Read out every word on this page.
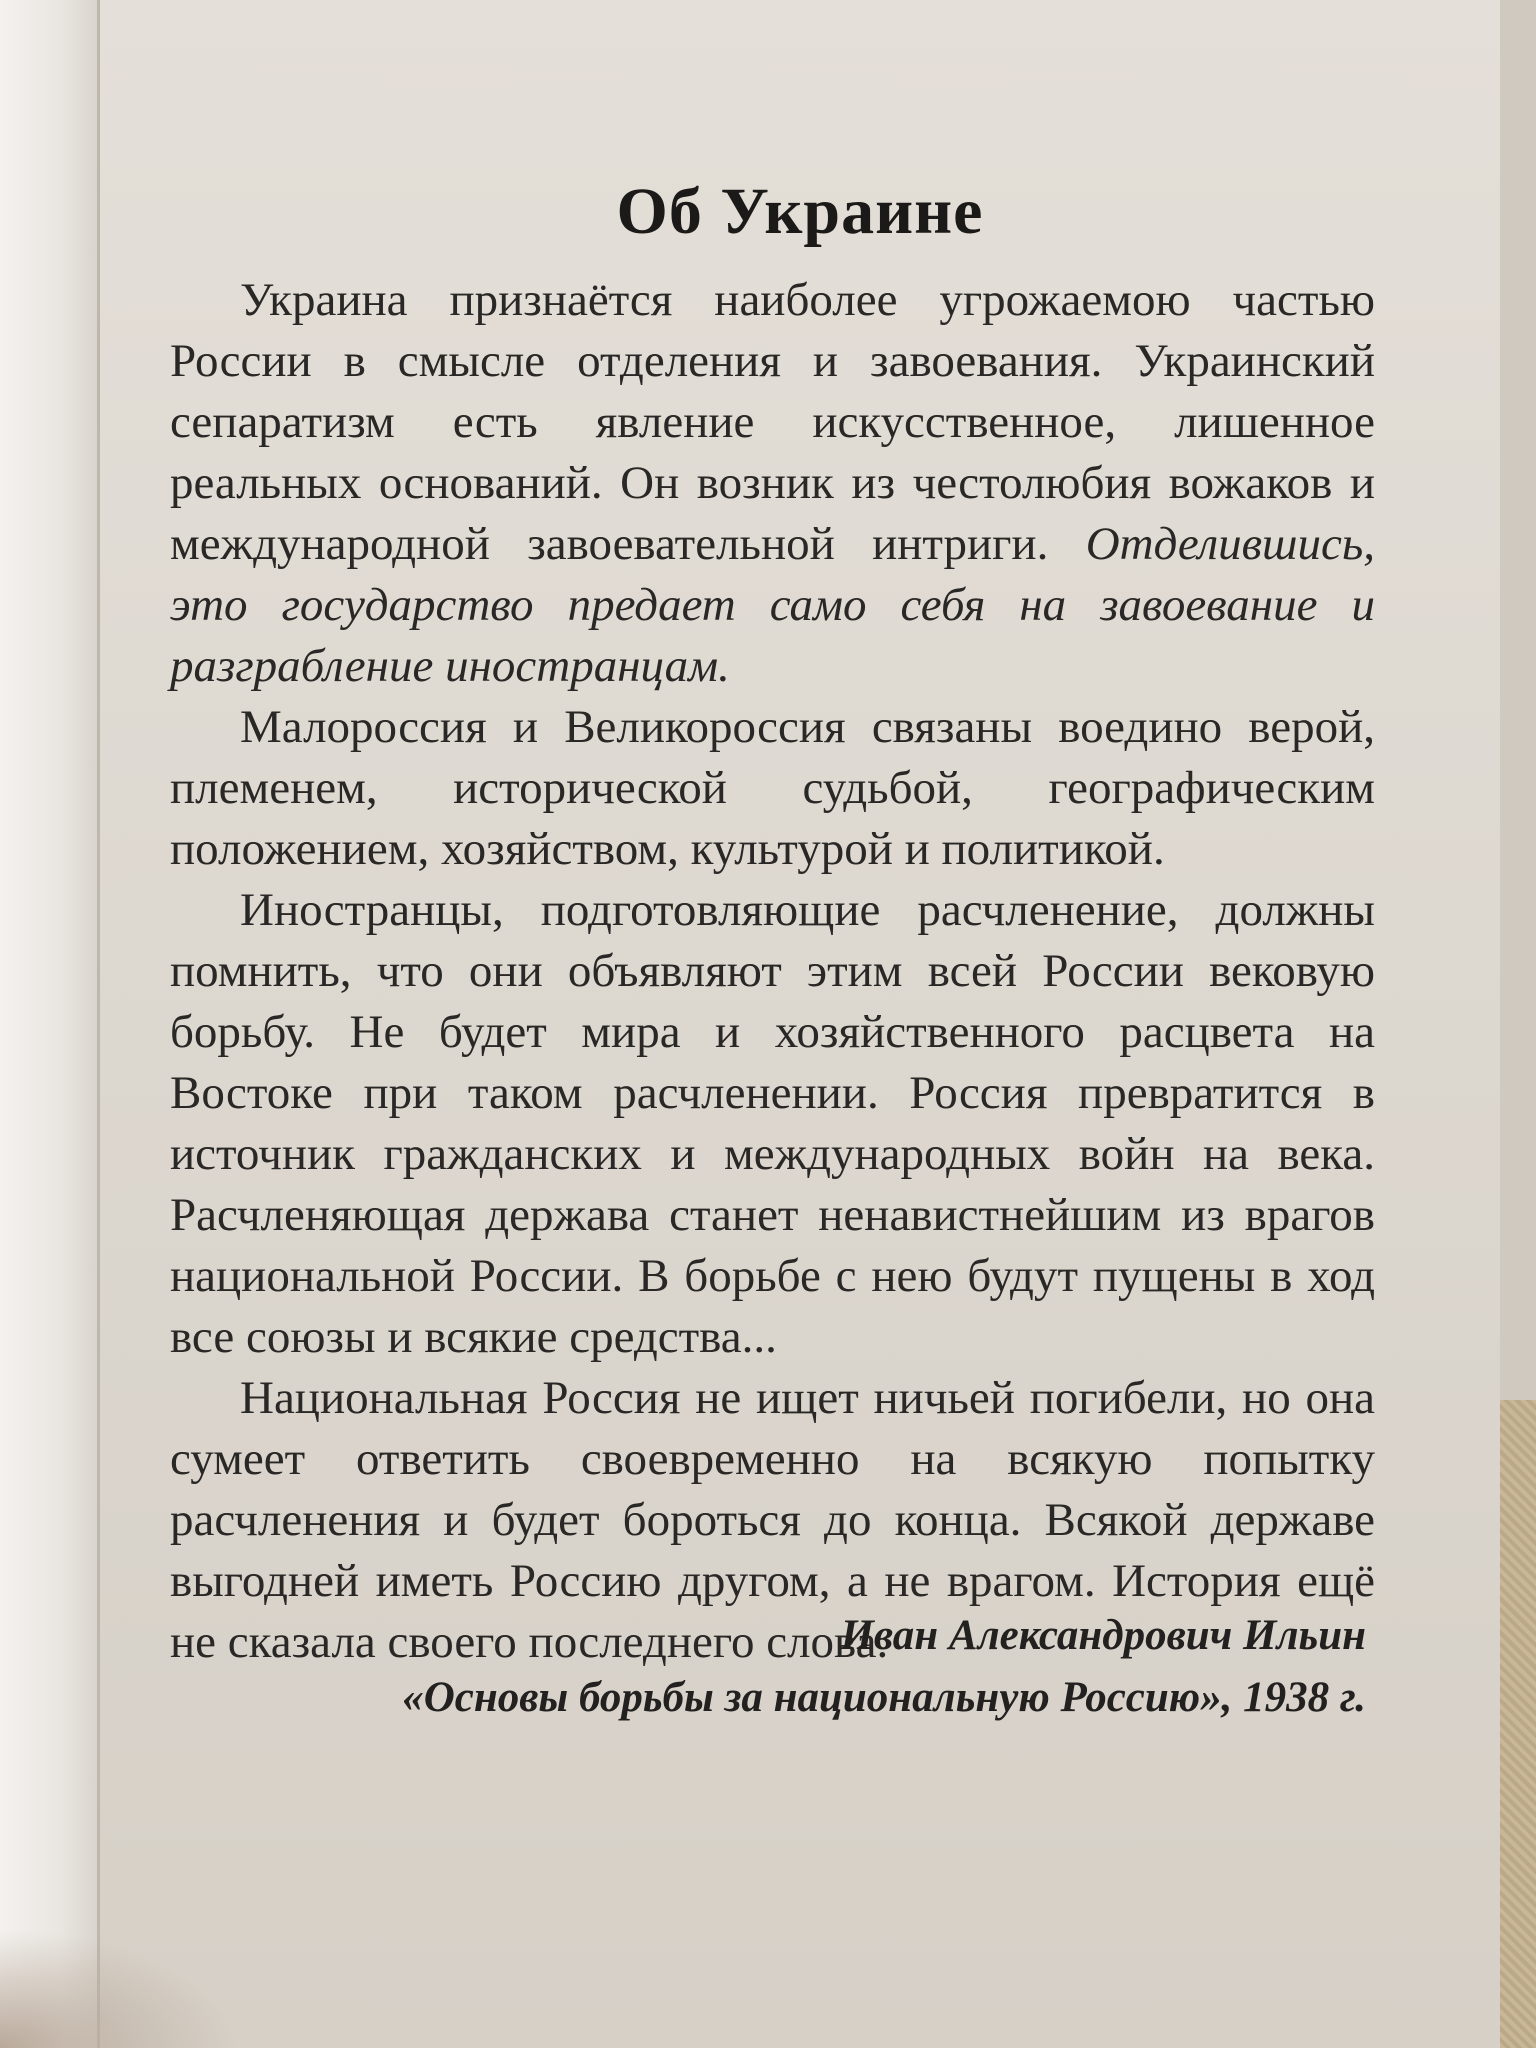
Об Украине

Украина признаётся наиболее угрожаемою частью России в смысле отделения и завоевания. Украинский сепаратизм есть явление искусственное, лишенное реальных оснований. Он возник из честолюбия вожаков и международной завоевательной интриги. Отделившись, это государство предает само себя на завоевание и разграбление иностранцам.

Малороссия и Великороссия связаны воедино верой, племенем, исторической судьбой, географическим положением, хозяйством, культурой и политикой.

Иностранцы, подготовляющие расчленение, должны помнить, что они объявляют этим всей России вековую борьбу. Не будет мира и хозяйственного расцвета на Востоке при таком расчленении. Россия превратится в источник гражданских и международных войн на века. Расчленяющая держава станет ненавистнейшим из врагов национальной России. В борьбе с нею будут пущены в ход все союзы и всякие средства...

Национальная Россия не ищет ничьей погибели, но она сумеет ответить своевременно на всякую попытку расчленения и будет бороться до конца. Всякой державе выгодней иметь Россию другом, а не врагом. История ещё не сказала своего последнего слова.

Иван Александрович Ильин
«Основы борьбы за национальную Россию», 1938 г.
